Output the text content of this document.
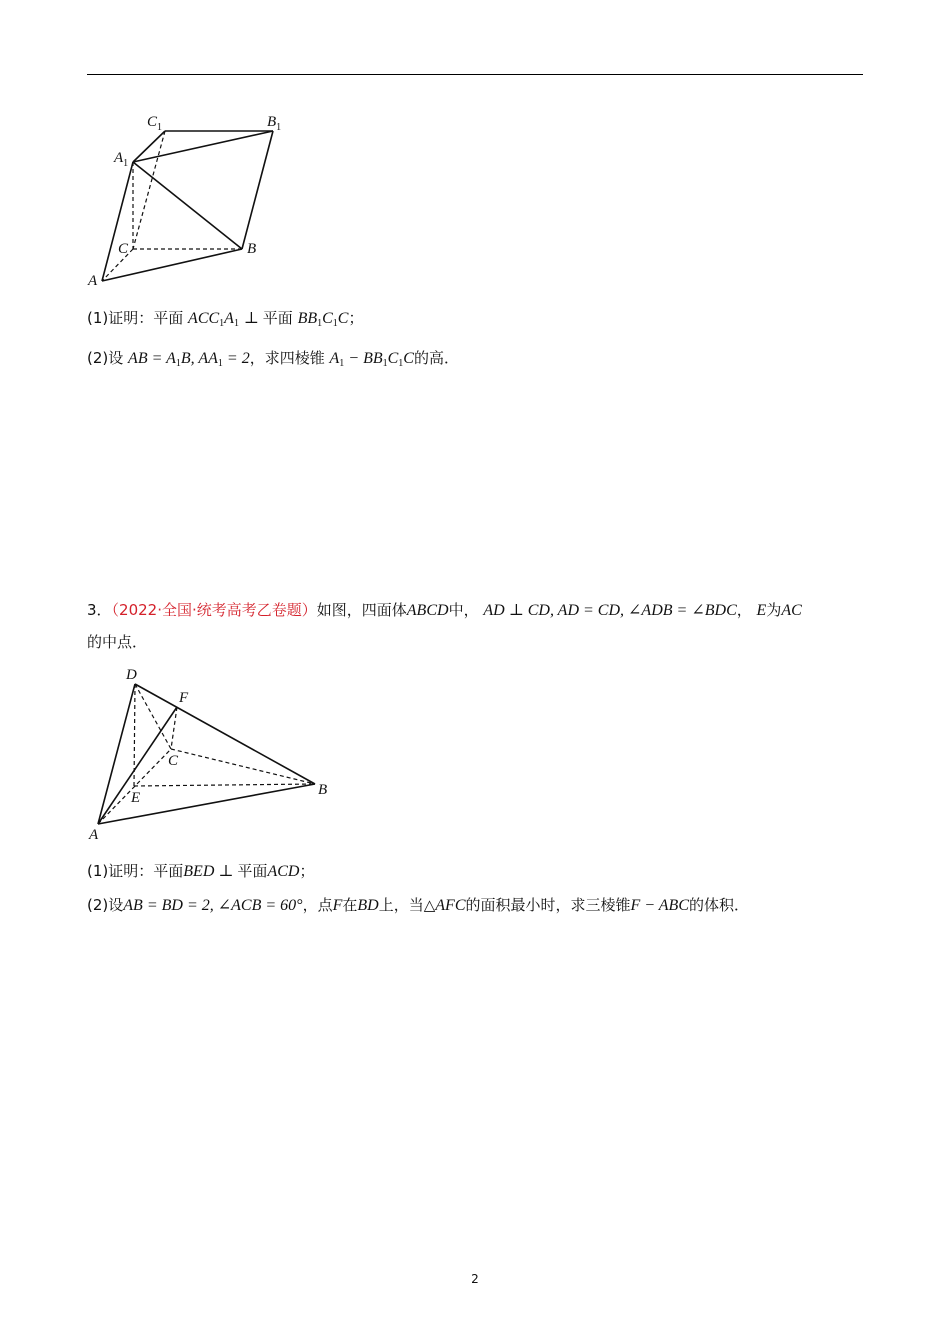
$C_1$	$B_1$
$A_1$
C	B
A
(1)证明：平面 $ACC_1A_1$ ⊥ 平面 $BB_1C_1C$；
(2)设 AB = $A_1B$, $AA_1 = 2$，求四棱锥 $A_1 - BB_1C_1C$的高．
3．（2022·全国·统考高考乙卷题）如图，四面体ABCD中， AD ⊥ CD, AD = CD, ∠ADB = ∠BDC， E为AC
的中点．
D
F
C
E	B
A
(1)证明：平面BED ⊥ 平面ACD；
(2)设AB = BD = 2, ∠ACB = 60°，点F在BD上，当△AFC的面积最小时，求三棱锥F − ABC的体积．
2
